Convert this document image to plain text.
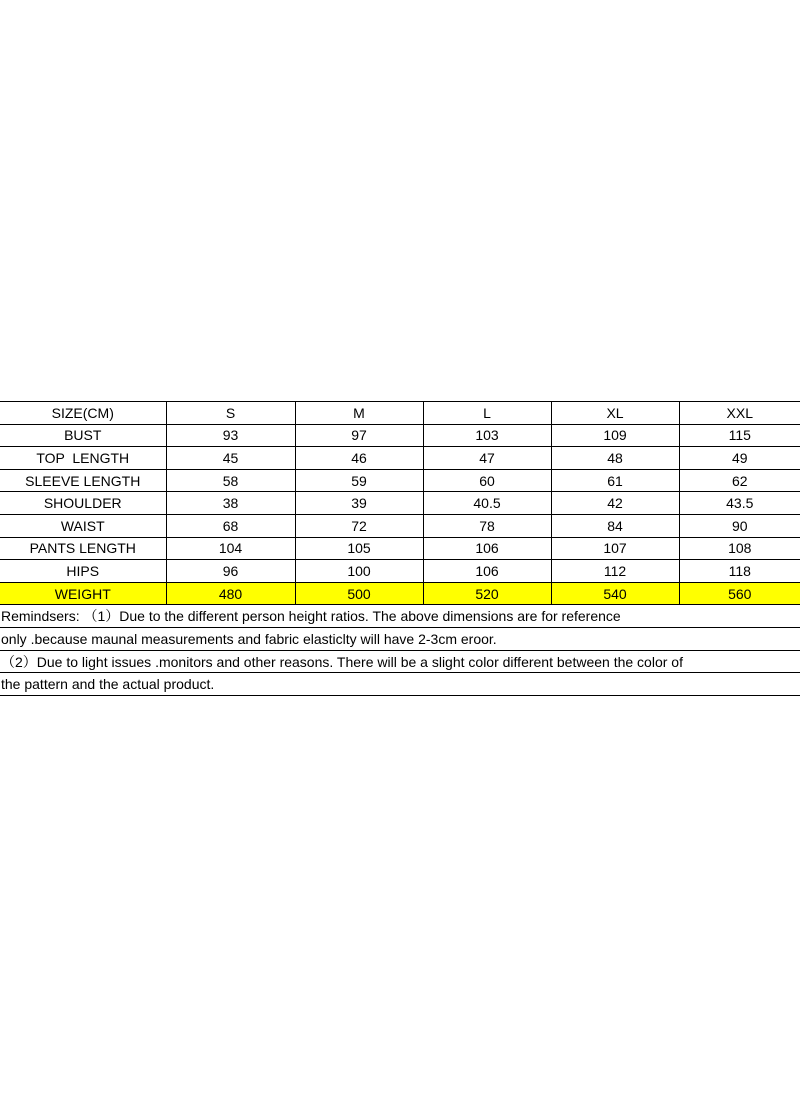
SIZE(CM)	S	M	L	XL	XXL
BUST	93	97	103	109	115
TOP  LENGTH	45	46	47	48	49
SLEEVE LENGTH	58	59	60	61	62
SHOULDER	38	39	40.5	42	43.5
WAIST	68	72	78	84	90
PANTS LENGTH	104	105	106	107	108
HIPS	96	100	106	112	118
WEIGHT	480	500	520	540	560
Remindsers: （1）Due to the different person height ratios. The above dimensions are for reference
only .because maunal measurements and fabric elasticlty will have 2-3cm eroor.
（2）Due to light issues .monitors and other reasons. There will be a slight color different between the color of
the pattern and the actual product.
